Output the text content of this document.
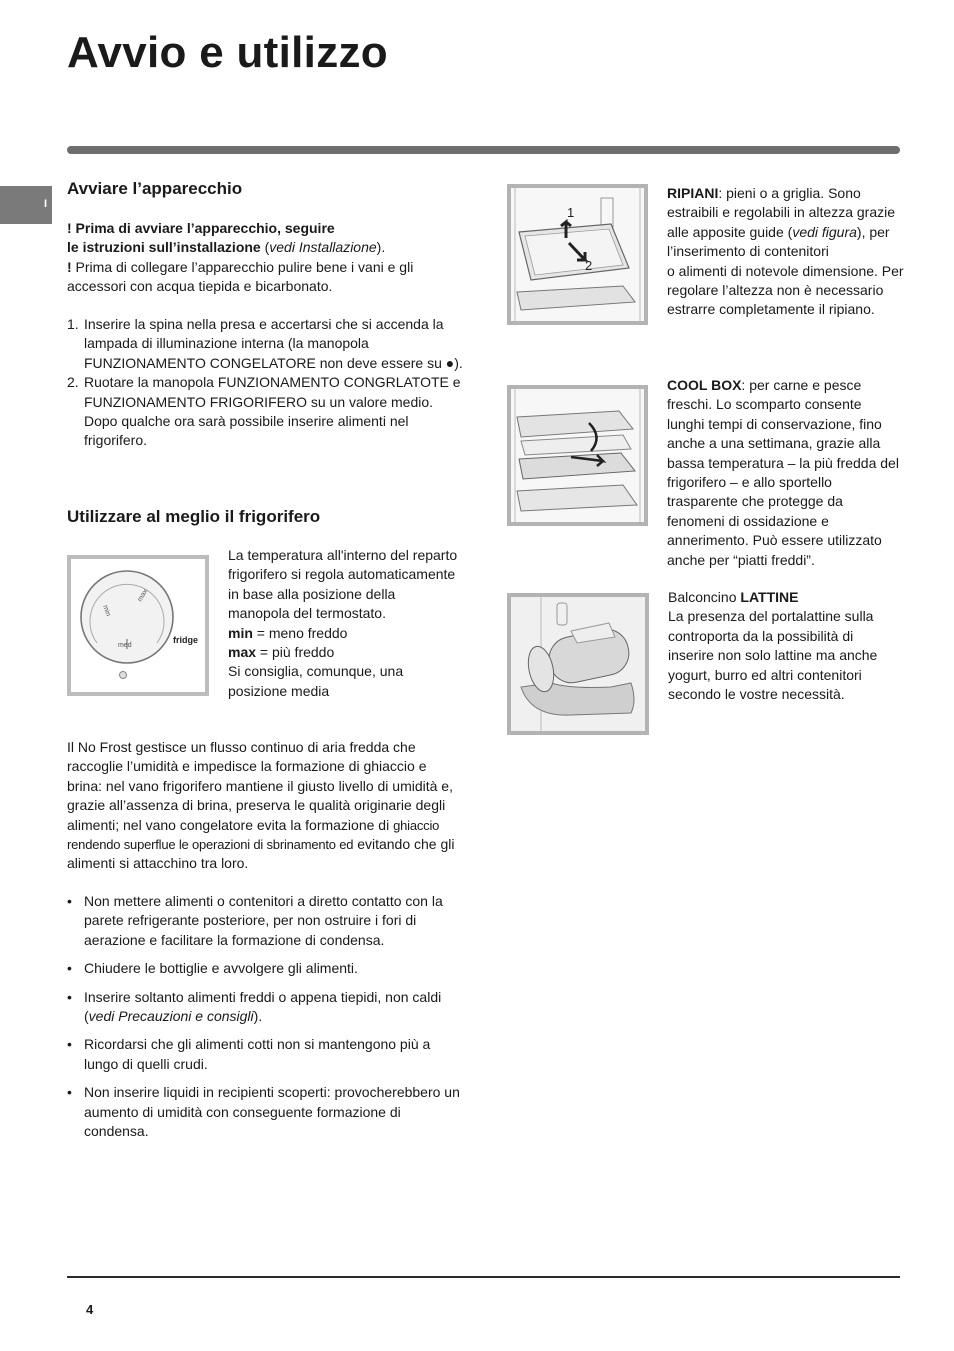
Avvio e utilizzo
I
Avviare l’apparecchio

! Prima di avviare l’apparecchio, seguire
le istruzioni sull’installazione (vedi Installazione).

! Prima di collegare l’apparecchio pulire bene i vani e gli accessori con acqua tiepida e bicarbonato.

1. Inserire la spina nella presa e accertarsi che si accenda la lampada di illuminazione interna (la manopola FUNZIONAMENTO CONGELATORE non deve essere su ●).
2. Ruotare la manopola FUNZIONAMENTO CONGRLATOTE e FUNZIONAMENTO FRIGORIFERO su un valore medio. Dopo qualche ora sarà possibile inserire alimenti nel frigorifero.
Utilizzare al meglio il frigorifero
min
max
med
fridge

La temperatura all'interno del reparto frigorifero si regola automaticamente in base alla posizione della manopola del termostato.

min = meno freddo

max = più freddo

Si consiglia, comunque, una posizione media

Il No Frost gestisce un flusso continuo di aria fredda che raccoglie l’umidità e impedisce la formazione di ghiaccio e brina: nel vano frigorifero mantiene il giusto livello di umidità e, grazie all’assenza di brina, preserva le qualità originarie degli alimenti; nel vano congelatore evita la formazione di ghiaccio rendendo superflue le operazioni di sbrinamento ed evitando che gli alimenti si attacchino tra loro.
• Non mettere alimenti o contenitori a diretto contatto con la parete refrigerante posteriore, per non ostruire i fori di aerazione e facilitare la formazione di condensa.
• Chiudere le bottiglie e avvolgere gli alimenti.
• Inserire soltanto alimenti freddi o appena tiepidi, non caldi (vedi Precauzioni e consigli).
• Ricordarsi che gli alimenti cotti non si mantengono più a lungo di quelli crudi.
• Non inserire liquidi in recipienti scoperti: provocherebbero un aumento di umidità con conseguente formazione di condensa.
1
2
RIPIANI: pieni o a griglia. Sono estraibili e regolabili in altezza grazie alle apposite guide (vedi figura), per l’inserimento di contenitori
o alimenti di notevole dimensione. Per regolare l’altezza non è necessario estrarre completamente il ripiano.
COOL BOX: per carne e pesce freschi. Lo scomparto consente lunghi tempi di conservazione, fino anche a una settimana, grazie alla bassa temperatura – la più fredda del frigorifero – e allo sportello trasparente che protegge da fenomeni di ossidazione e annerimento. Può essere utilizzato anche per “piatti freddi”.

Balconcino LATTINE

La presenza del portalattine sulla controporta da la possibilità di inserire non solo lattine ma anche yogurt, burro ed altri contenitori secondo le vostre necessità.

4
